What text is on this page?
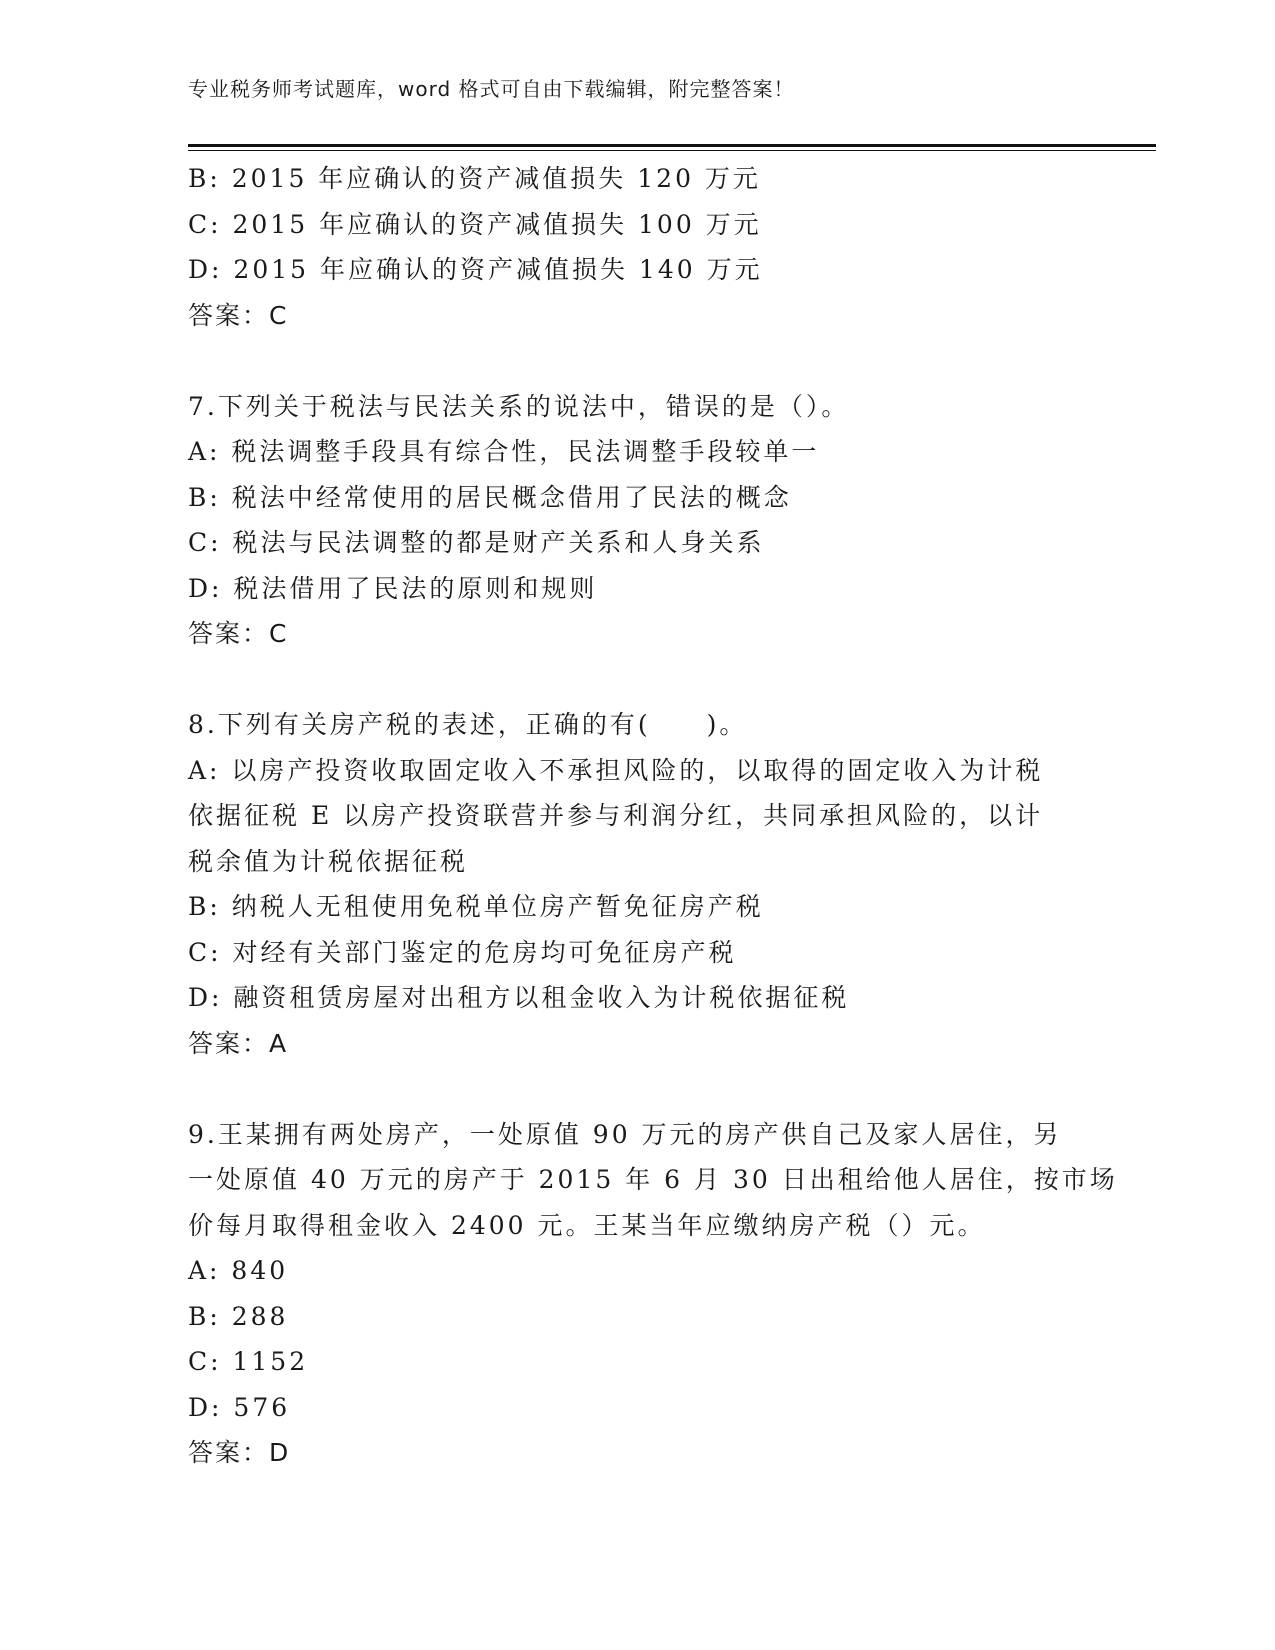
专业税务师考试题库，word 格式可自由下载编辑，附完整答案！
B: 2015 年应确认的资产减值损失 120 万元
C: 2015 年应确认的资产减值损失 100 万元
D: 2015 年应确认的资产减值损失 140 万元
答案：C
7.下列关于税法与民法关系的说法中，错误的是（）。
A: 税法调整手段具有综合性，民法调整手段较单一
B: 税法中经常使用的居民概念借用了民法的概念
C: 税法与民法调整的都是财产关系和人身关系
D: 税法借用了民法的原则和规则
答案：C
8.下列有关房产税的表述，正确的有(　　)。
A: 以房产投资收取固定收入不承担风险的，以取得的固定收入为计税
依据征税 E 以房产投资联营并参与利润分红，共同承担风险的，以计
税余值为计税依据征税
B: 纳税人无租使用免税单位房产暂免征房产税
C: 对经有关部门鉴定的危房均可免征房产税
D: 融资租赁房屋对出租方以租金收入为计税依据征税
答案：A
9.王某拥有两处房产，一处原值 90 万元的房产供自己及家人居住，另
一处原值 40 万元的房产于 2015 年 6 月 30 日出租给他人居住，按市场
价每月取得租金收入 2400 元。王某当年应缴纳房产税（）元。
A: 840
B: 288
C: 1152
D: 576
答案：D
